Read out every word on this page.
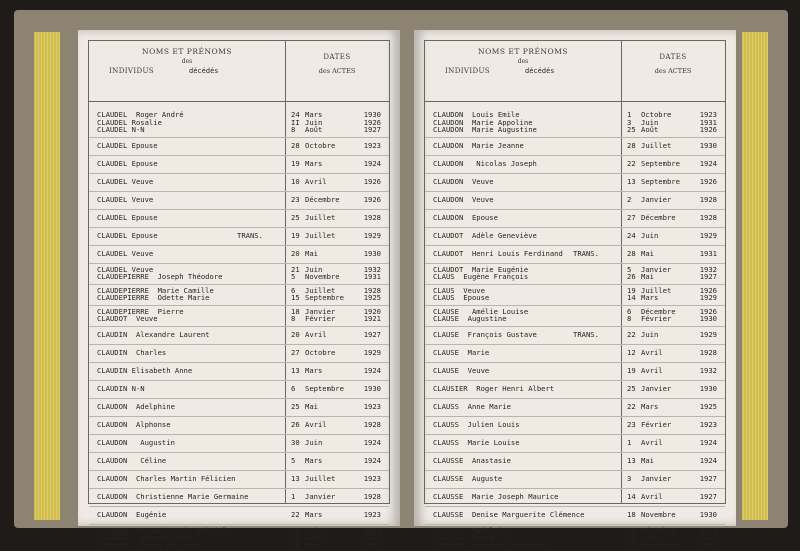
NOMS ET PRÉNOMS
des
INDIVIDUS	décédés
DATES
des ACTES
CLAUDEL  Roger André	24 Mars	1930
CLAUDEL Rosalie	II Juin	1926
CLAUDEL N-N	8 Août	1927
CLAUDEL Epouse	28 Octobre	1923
CLAUDEL Epouse	19 Mars	1924
CLAUDEL Veuve	10 Avril	1926
CLAUDEL Veuve	23 Décembre	1926
CLAUDEL Epouse	25 Juillet	1928
CLAUDEL Epouse	TRANS.	19 Juillet	1929
CLAUDEL Veuve	20 Mai	1930
CLAUDEL Veuve	21 Juin	1932
CLAUDEPIERRE  Joseph Théodore	5 Novembre	1931
CLAUDEPIERRE  Marie Camille	6 Juillet	1928
CLAUDEPIERRE  Odette Marie	15 Septembre	1925
CLAUDEPIERRE  Pierre	18 Janvier	1920
CLAUDOT  Veuve	8 Février	1921
CLAUDIN  Alexandre Laurent	20 Avril	1927
CLAUDIN  Charles	27 Octobre	1929
CLAUDIN Elisabeth Anne	13 Mars	1924
CLAUDIN N-N	6 Septembre	1930
CLAUDON  Adelphine	25 Mai	1923
CLAUDON  Alphonse	26 Avril	1928
CLAUDON   Augustin	30 Juin	1924
CLAUDON   Céline	5 Mars	1924
CLAUDON  Charles Martin Félicien	13 Juillet	1923
CLAUDON  Christienne Marie Germaine	1 Janvier	1928
CLAUDON  Eugénie	22 Mars	1923
CLAUDON  Fernand Louis Gabriel	24 Juin	1923
CLAUDON   Jeanne Marie	23 Avril	1925
CLAUDON   Jules Adolphe	30 Mai	1927
NOMS ET PRÉNOMS
des
INDIVIDUS	décédés
DATES
des ACTES
CLAUDON  Louis Emile	1 Octobre	1923
CLAUDON  Marie Appoline	3 Juin	1931
CLAUDON  Marie Augustine	25 Août	1926
CLAUDON  Marie Jeanne	28 Juillet	1930
CLAUDON   Nicolas Joseph	22 Septembre	1924
CLAUDON  Veuve	13 Septembre	1926
CLAUDON  Veuve	2 Janvier	1928
CLAUDON  Epouse	27 Décembre	1928
CLAUDOT  Adèle Geneviève	24 Juin	1929
CLAUDOT  Henri Louis Ferdinand TRANS.	28 Mai	1931
CLAUDOT  Marie Eugénie	5 Janvier	1932
CLAUS  Eugène François	26 Mai	1927
CLAUS  Veuve	19 Juillet	1926
CLAUS  Epouse	14 Mars	1929
CLAUSE   Amélie Louise	6 Décembre	1926
CLAUSE  Augustine	8 Février	1930
CLAUSE  François Gustave	TRANS.	22 Juin	1929
CLAUSE  Marie	12 Avril	1928
CLAUSE  Veuve	19 Avril	1932
CLAUSIER  Roger Henri Albert	25 Janvier	1930
CLAUSS  Anne Marie	22 Mars	1925
CLAUSS  Julien Louis	23 Février	1923
CLAUSS  Marie Louise	1 Avril	1924
CLAUSSE  Anastasie	13 Mai	1924
CLAUSSE  Auguste	3 Janvier	1927
CLAUSSE  Marie Joseph Maurice	14 Avril	1927
CLAUSSE  Denise Marguerite Clémence	18 Novembre	1930
CLAUSSE  Madeleine	31 Décembre	1929
CLAUSSE  Marie	12 Juin	1932
CLAUSSE  Prosper Christian	12 Septembre	1927
